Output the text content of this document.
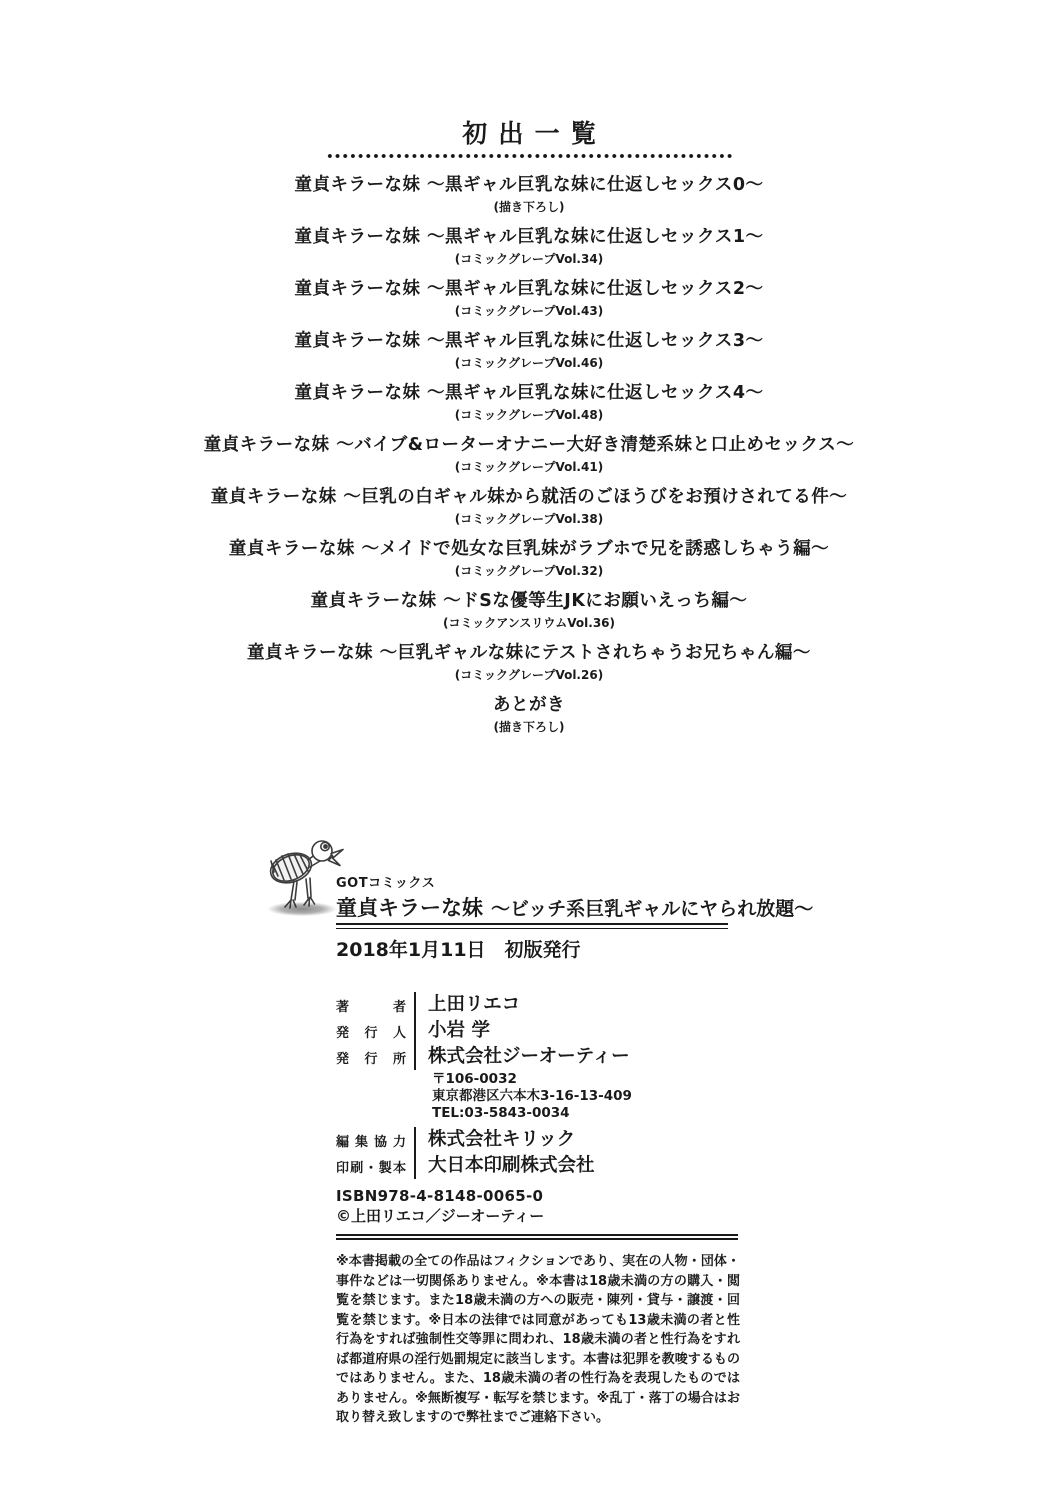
初出一覧
童貞キラーな妹 ～黒ギャル巨乳な妹に仕返しセックス0～
(描き下ろし)
童貞キラーな妹 ～黒ギャル巨乳な妹に仕返しセックス1～
(コミックグレープVol.34)
童貞キラーな妹 ～黒ギャル巨乳な妹に仕返しセックス2～
(コミックグレープVol.43)
童貞キラーな妹 ～黒ギャル巨乳な妹に仕返しセックス3～
(コミックグレープVol.46)
童貞キラーな妹 ～黒ギャル巨乳な妹に仕返しセックス4～
(コミックグレープVol.48)
童貞キラーな妹 ～バイブ&ローターオナニー大好き清楚系妹と口止めセックス～
(コミックグレープVol.41)
童貞キラーな妹 ～巨乳の白ギャル妹から就活のごほうびをお預けされてる件～
(コミックグレープVol.38)
童貞キラーな妹 ～メイドで処女な巨乳妹がラブホで兄を誘惑しちゃう編～
(コミックグレープVol.32)
童貞キラーな妹 ～ドSな優等生JKにお願いえっち編～
(コミックアンスリウムVol.36)
童貞キラーな妹 ～巨乳ギャルな妹にテストされちゃうお兄ちゃん編～
(コミックグレープVol.26)
あとがき
(描き下ろし)
GOTコミックス
童貞キラーな妹 ～ビッチ系巨乳ギャルにヤられ放題～
2018年1月11日　初版発行
著者	上田リエコ
発行人	小岩 学
発行所	株式会社ジーオーティー
〒106-0032
東京都港区六本木3-16-13-409
TEL:03-5843-0034
編集協力	株式会社キリック
印刷・製本	大日本印刷株式会社
ISBN978-4-8148-0065-0
©上田リエコ／ジーオーティー

※本書掲載の全ての作品はフィクションであり、実在の人物・団体・事件などは一切関係ありません。※本書は18歳未満の方の購入・閲覧を禁じます。また18歳未満の方への販売・陳列・貸与・譲渡・回覧を禁じます。※日本の法律では同意があっても13歳未満の者と性行為をすれば強制性交等罪に問われ、18歳未満の者と性行為をすれば都道府県の淫行処罰規定に該当します。本書は犯罪を教唆するものではありません。また、18歳未満の者の性行為を表現したものではありません。※無断複写・転写を禁じます。※乱丁・落丁の場合はお取り替え致しますので弊社までご連絡下さい。
